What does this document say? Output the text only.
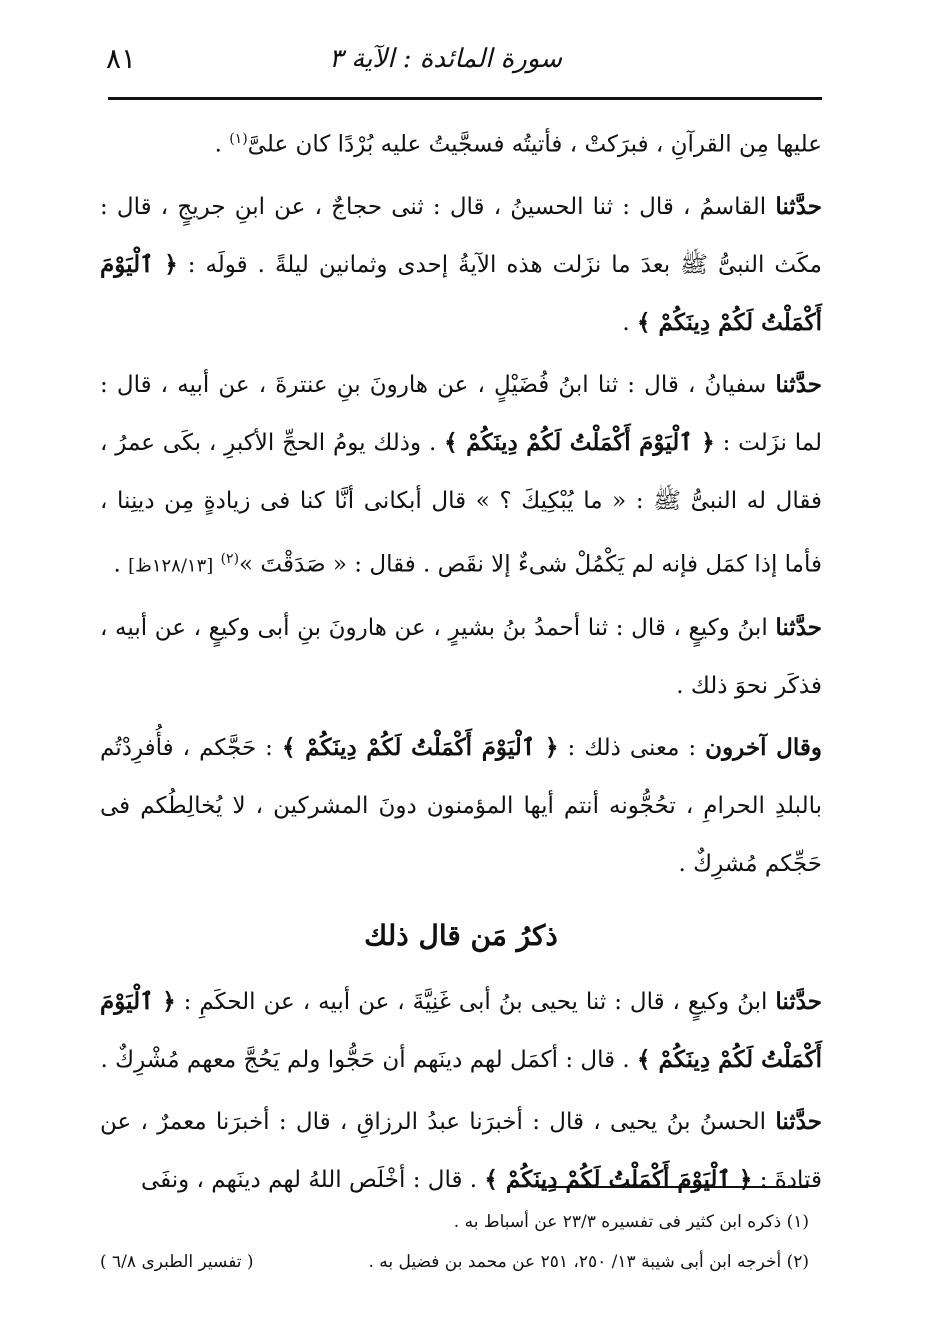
٨١	سورة المائدة : الآية ٣

عليها مِن القرآنِ ، فبرَكتْ ، فأتيتُه فسجَّيتُ عليه بُرْدًا كان علىَّ$^{(١)}$ .

حدَّثنا القاسمُ ، قال : ثنا الحسينُ ، قال : ثنى حجاجٌ ، عن ابنِ جريجٍ ، قال : مكَث النبىُّ ﷺ بعدَ ما نزَلت هذه الآيةُ إحدى وثمانين ليلةً . قولَه : ﴿ ٱلْيَوْمَ أَكْمَلْتُ لَكُمْ دِينَكُمْ ﴾ .

حدَّثنا سفيانُ ، قال : ثنا ابنُ فُضَيْلٍ ، عن هارونَ بنِ عنترةَ ، عن أبيه ، قال : لما نزَلت : ﴿ ٱلْيَوْمَ أَكْمَلْتُ لَكُمْ دِينَكُمْ ﴾ . وذلك يومُ الحجِّ الأكبرِ ، بكَى عمرُ ، فقال له النبىُّ ﷺ : « ما يُبْكِيكَ ؟ » قال أبكانى أنَّا كنا فى زيادةٍ مِن دينِنا ، فأما إذا كمَل فإنه لم يَكْمُلْ شىءٌ إلا نقَص . فقال : « صَدَقْتَ »$^{(٢)}$ [١٢٨/١٣ظ] .

حدَّثنا ابنُ وكيعٍ ، قال : ثنا أحمدُ بنُ بشيرٍ ، عن هارونَ بنِ أبى وكيعٍ ، عن أبيه ، فذكَر نحوَ ذلك .

وقال آخرون : معنى ذلك : ﴿ ٱلْيَوْمَ أَكْمَلْتُ لَكُمْ دِينَكُمْ ﴾ : حَجَّكم ، فأُفرِدْتُم بالبلدِ الحرامِ ، تحُجُّونه أنتم أيها المؤمنون دونَ المشركين ، لا يُخالِطُكم فى حَجِّكم مُشرِكٌ .

ذكرُ مَن قال ذلك

حدَّثنا ابنُ وكيعٍ ، قال : ثنا يحيى بنُ أبى غَنِيَّةَ ، عن أبيه ، عن الحكَمِ : ﴿ ٱلْيَوْمَ أَكْمَلْتُ لَكُمْ دِينَكُمْ ﴾ . قال : أكمَل لهم دينَهم أن حَجُّوا ولم يَحُجَّ معهم مُشْرِكٌ .

حدَّثنا الحسنُ بنُ يحيى ، قال : أخبرَنا عبدُ الرزاقِ ، قال : أخبرَنا معمرٌ ، عن قتادةَ : ﴿ ٱلْيَوْمَ أَكْمَلْتُ لَكُمْ دِينَكُمْ ﴾ . قال : أخْلَص اللهُ لهم دينَهم ، ونفَى

(١) ذكره ابن كثير فى تفسيره ٢٣/٣ عن أسباط به .
(٢) أخرجه ابن أبى شيبة ١٣/ ٢٥٠، ٢٥١ عن محمد بن فضيل به .
( تفسير الطبرى ٦/٨ )
